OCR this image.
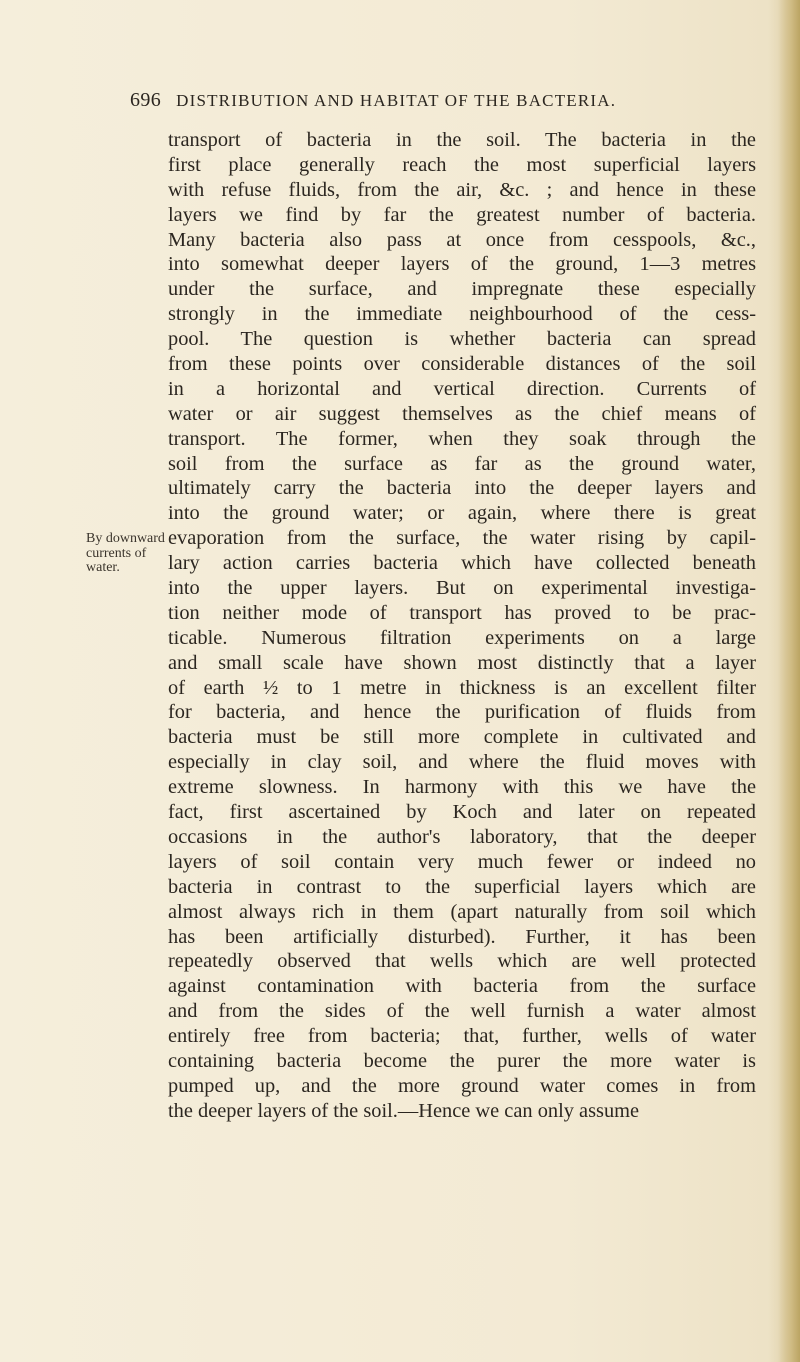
696 DISTRIBUTION AND HABITAT OF THE BACTERIA.
By downward
currents of
water.
transport of bacteria in the soil. The bacteria in the
first place generally reach the most superficial layers
with refuse fluids, from the air, &c. ; and hence in these
layers we find by far the greatest number of bacteria.
Many bacteria also pass at once from cesspools, &c.,
into somewhat deeper layers of the ground, 1—3 metres
under the surface, and impregnate these especially
strongly in the immediate neighbourhood of the cess-
pool. The question is whether bacteria can spread
from these points over considerable distances of the soil
in a horizontal and vertical direction. Currents of
water or air suggest themselves as the chief means of
transport. The former, when they soak through the
soil from the surface as far as the ground water,
ultimately carry the bacteria into the deeper layers and
into the ground water; or again, where there is great
evaporation from the surface, the water rising by capil-
lary action carries bacteria which have collected beneath
into the upper layers. But on experimental investiga-
tion neither mode of transport has proved to be prac-
ticable. Numerous filtration experiments on a large
and small scale have shown most distinctly that a layer
of earth ½ to 1 metre in thickness is an excellent filter
for bacteria, and hence the purification of fluids from
bacteria must be still more complete in cultivated and
especially in clay soil, and where the fluid moves with
extreme slowness. In harmony with this we have the
fact, first ascertained by Koch and later on repeated
occasions in the author's laboratory, that the deeper
layers of soil contain very much fewer or indeed no
bacteria in contrast to the superficial layers which are
almost always rich in them (apart naturally from soil which
has been artificially disturbed). Further, it has been
repeatedly observed that wells which are well protected
against contamination with bacteria from the surface
and from the sides of the well furnish a water almost
entirely free from bacteria; that, further, wells of water
containing bacteria become the purer the more water is
pumped up, and the more ground water comes in from
the deeper layers of the soil.—Hence we can only assume
